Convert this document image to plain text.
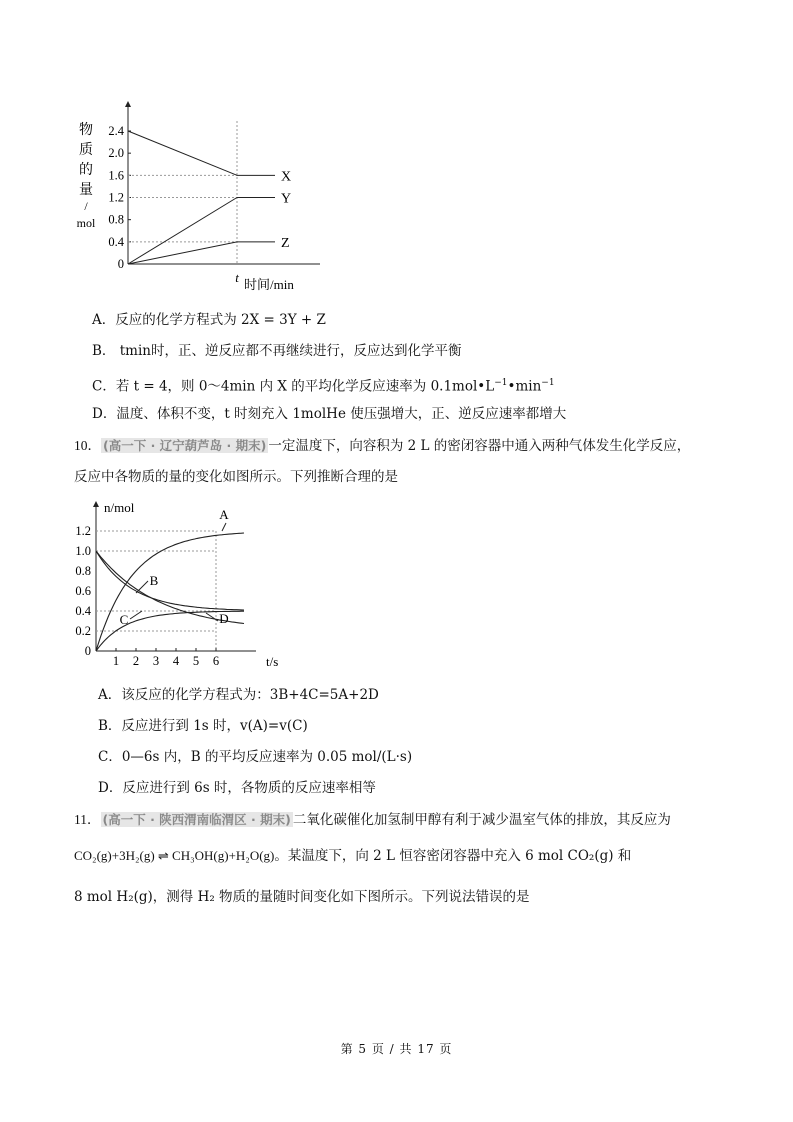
物
质
的
量
/
mol
2.4
2.0
1.6
1.2
0.8
0.4
0
X
Y
Z
t 时间/min
A．反应的化学方程式为 2X = 3Y + Z
B． tmin时，正、逆反应都不再继续进行，反应达到化学平衡
C．若 t = 4，则 0～4min 内 X 的平均化学反应速率为 $0.1mol•L^{-1}•\min^{-1}$
D．温度、体积不变，t 时刻充入 1molHe 使压强增大，正、逆反应速率都增大
10． (高一下 · 辽宁葫芦岛 · 期末) 一定温度下，向容积为 2 L 的密闭容器中通入两种气体发生化学反应，
反应中各物质的量的变化如图所示。下列推断合理的是
n/mol
1.2
1.0
0.8
0.6
0.4
0.2
0
1 2 3 4 5 6
A
B
C	D
t/s
A．该反应的化学方程式为：3B+4C=5A+2D
B．反应进行到 1s 时，v(A)=v(C)
C．0—6s 内，B 的平均反应速率为 0.05 mol/(L·s)
D．反应进行到 6s 时，各物质的反应速率相等
11． (高一下 · 陕西渭南临渭区 · 期末) 二氧化碳催化加氢制甲醇有利于减少温室气体的排放，其反应为
CO₂(g)+3H₂(g) ⇌ CH₃OH(g)+H₂O(g)。某温度下，向 2 L 恒容密闭容器中充入 6 mol CO₂(g) 和
8 mol H₂(g)，测得 H₂ 物质的量随时间变化如下图所示。下列说法错误的是
第 5 页 / 共 17 页
